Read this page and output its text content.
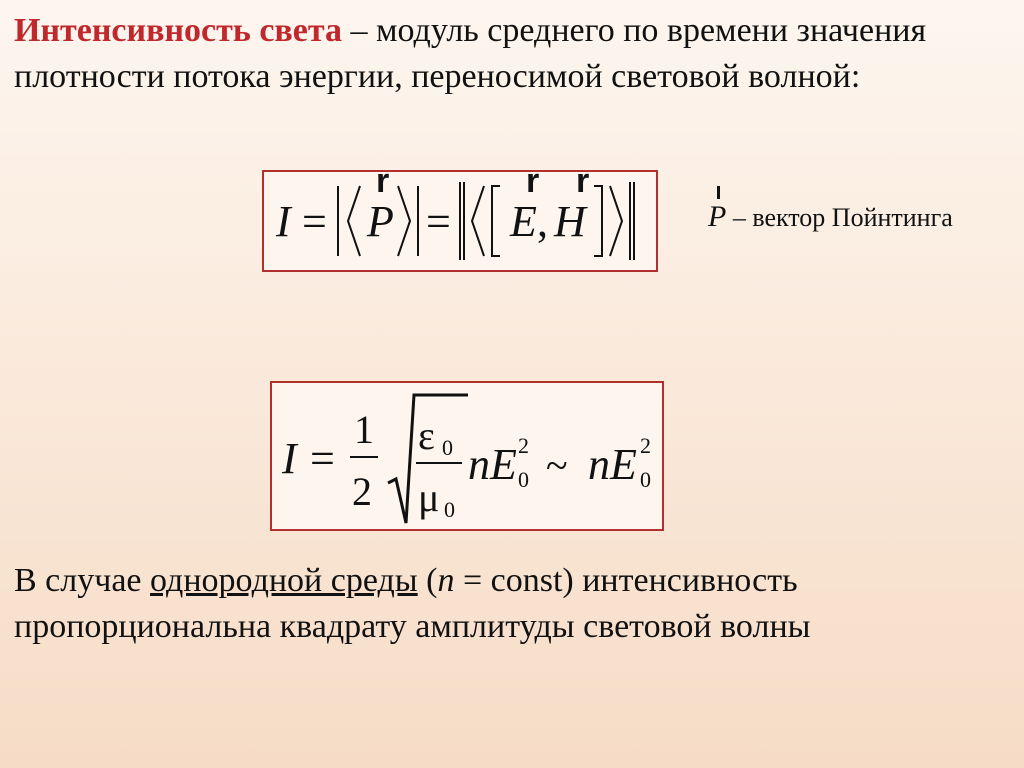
Интенсивность света – модуль среднего по времени значения плотности потока энергии, переносимой световой волной:
I = P = E , H
r	r r
P – вектор Пойнтинга
I =
1
2
ε 0
μ 0
n E 2
0 ~ n E 2
0
В случае однородной среды (n = const) интенсивность пропорциональна квадрату амплитуды световой волны
